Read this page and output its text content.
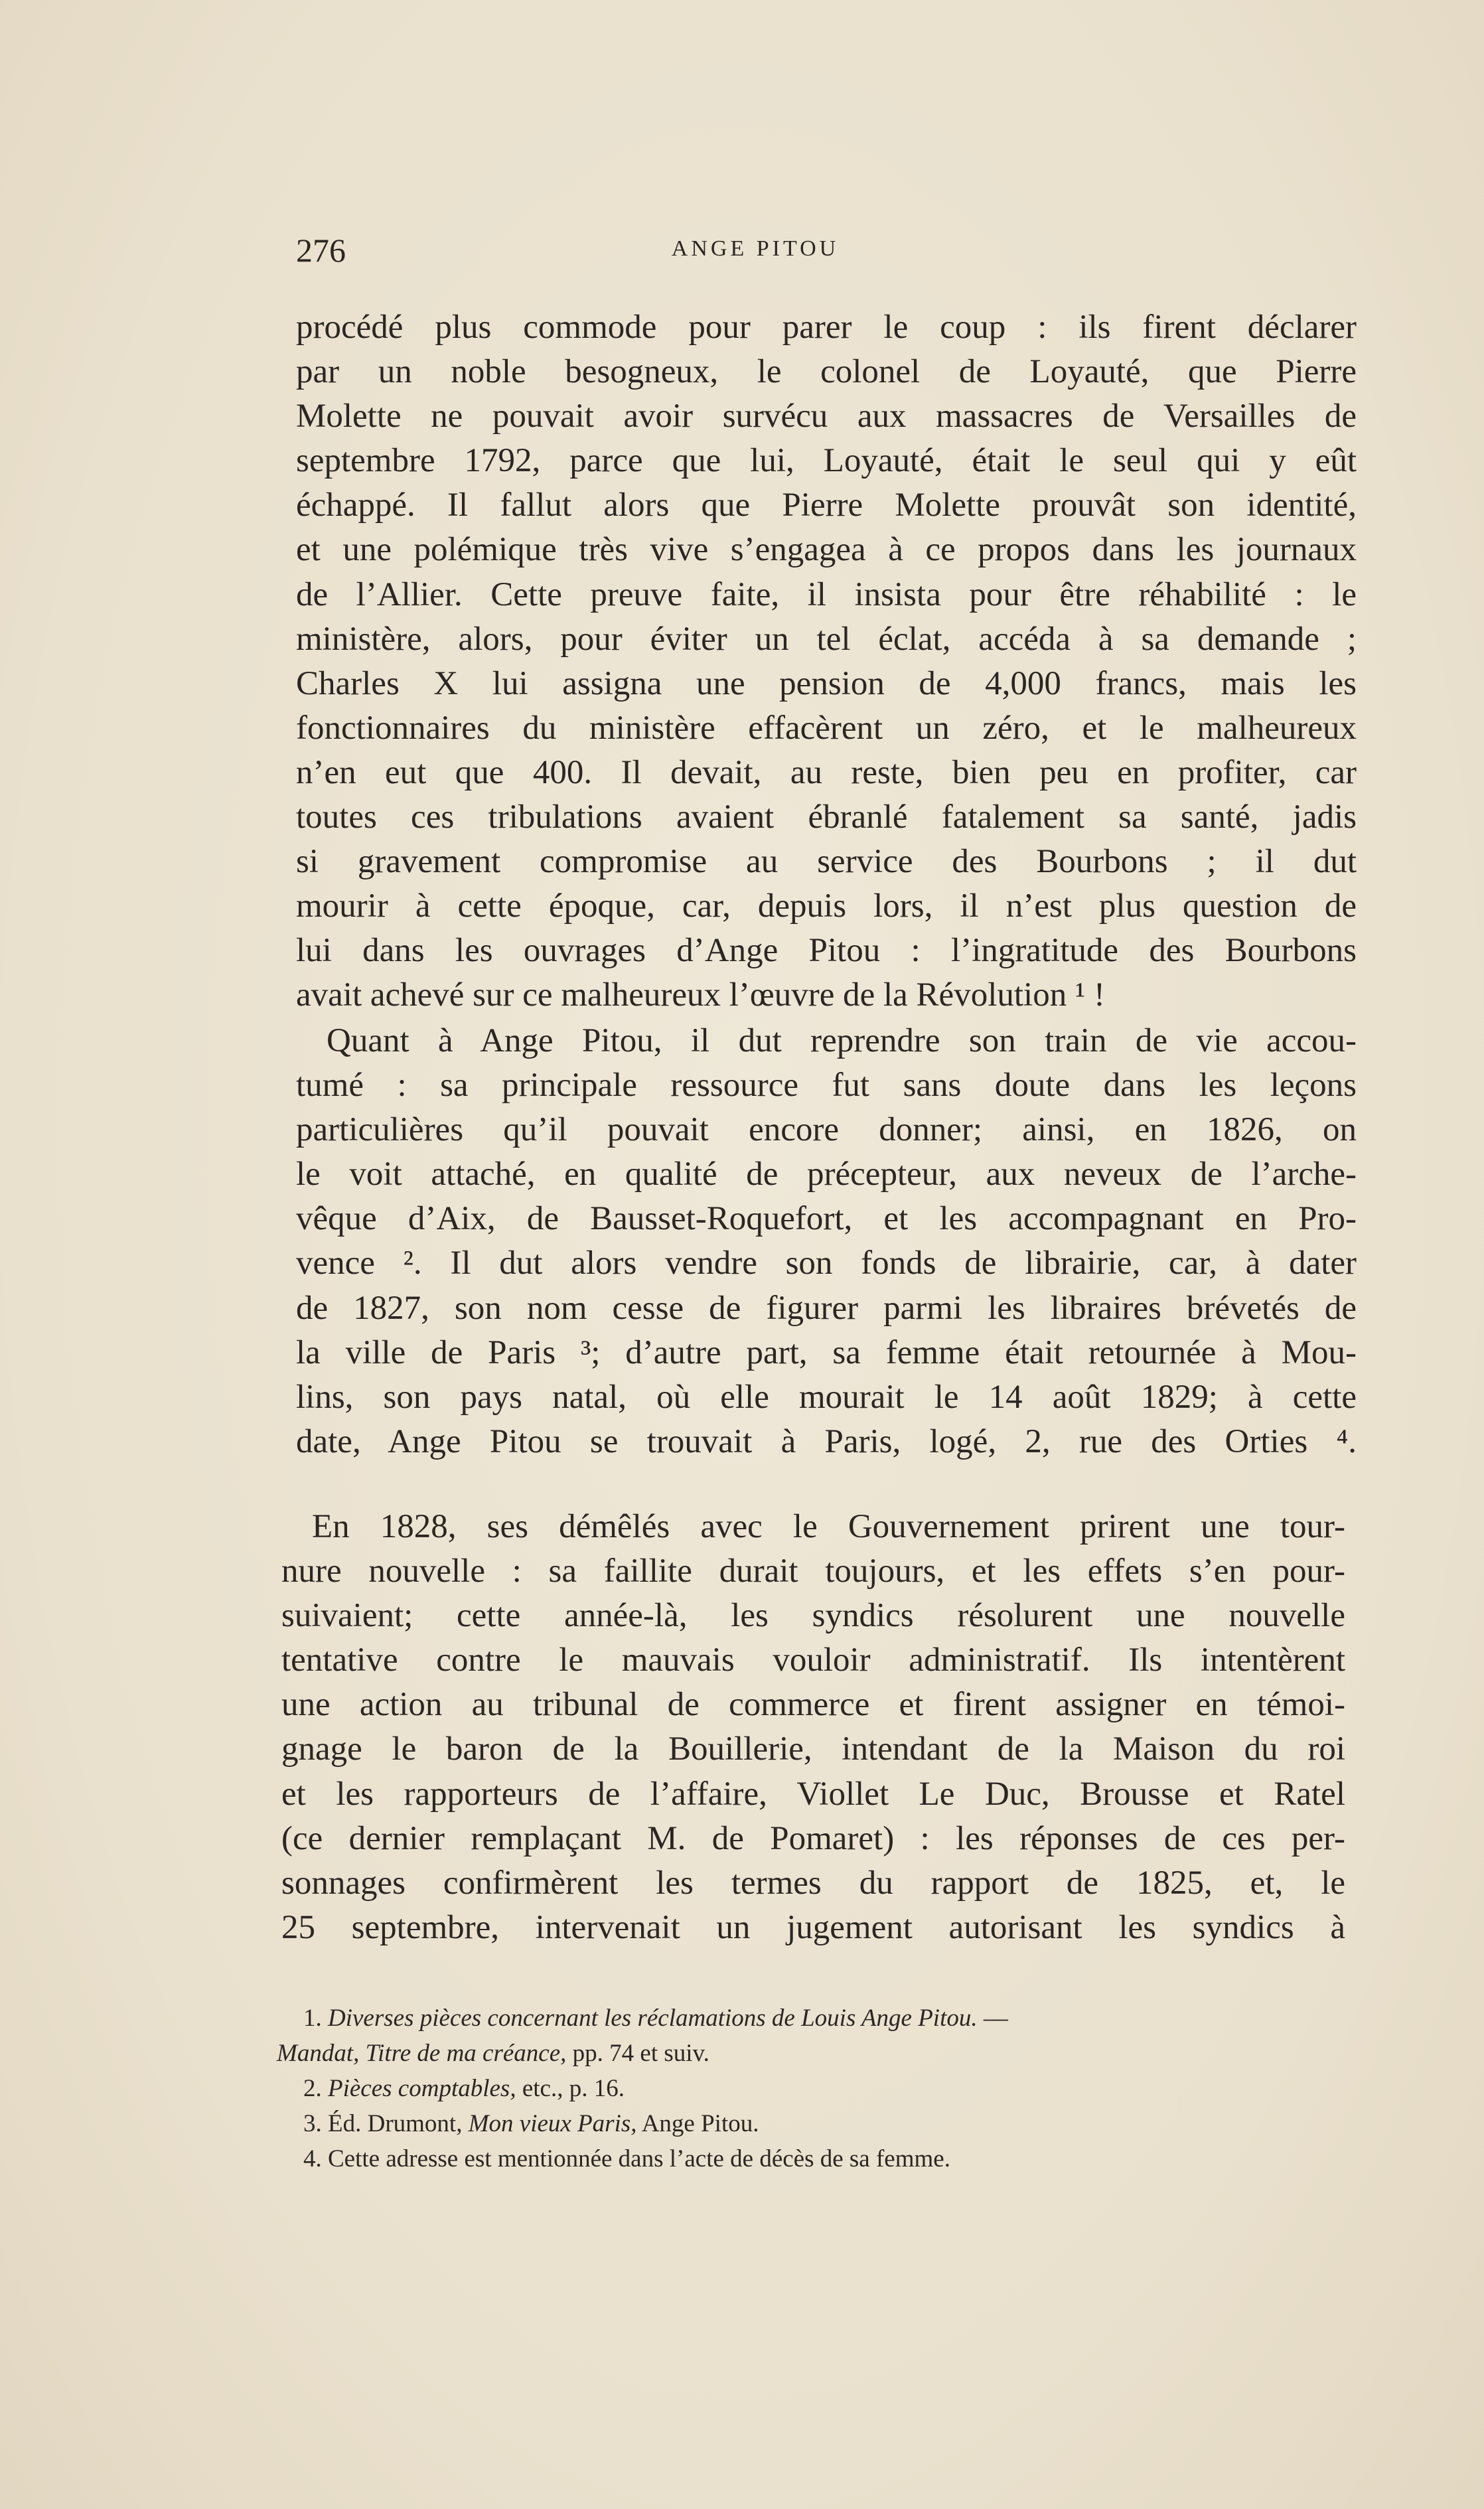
276	ANGE PITOU
procédé plus commode pour parer le coup : ils firent déclarer
par un noble besogneux, le colonel de Loyauté, que Pierre
Molette ne pouvait avoir survécu aux massacres de Versailles de
septembre 1792, parce que lui, Loyauté, était le seul qui y eût
échappé. Il fallut alors que Pierre Molette prouvât son identité,
et une polémique très vive s’engagea à ce propos dans les journaux
de l’Allier. Cette preuve faite, il insista pour être réhabilité : le
ministère, alors, pour éviter un tel éclat, accéda à sa demande ;
Charles X lui assigna une pension de 4,000 francs, mais les
fonctionnaires du ministère effacèrent un zéro, et le malheureux
n’en eut que 400. Il devait, au reste, bien peu en profiter, car
toutes ces tribulations avaient ébranlé fatalement sa santé, jadis
si gravement compromise au service des Bourbons ; il dut
mourir à cette époque, car, depuis lors, il n’est plus question de
lui dans les ouvrages d’Ange Pitou : l’ingratitude des Bourbons
avait achevé sur ce malheureux l’œuvre de la Révolution ¹ !
Quant à Ange Pitou, il dut reprendre son train de vie accou-
tumé : sa principale ressource fut sans doute dans les leçons
particulières qu’il pouvait encore donner; ainsi, en 1826, on
le voit attaché, en qualité de précepteur, aux neveux de l’arche-
vêque d’Aix, de Bausset-Roquefort, et les accompagnant en Pro-
vence ². Il dut alors vendre son fonds de librairie, car, à dater
de 1827, son nom cesse de figurer parmi les libraires brévetés de
la ville de Paris ³; d’autre part, sa femme était retournée à Mou-
lins, son pays natal, où elle mourait le 14 août 1829; à cette
date, Ange Pitou se trouvait à Paris, logé, 2, rue des Orties ⁴.
En 1828, ses démêlés avec le Gouvernement prirent une tour-
nure nouvelle : sa faillite durait toujours, et les effets s’en pour-
suivaient; cette année-là, les syndics résolurent une nouvelle
tentative contre le mauvais vouloir administratif. Ils intentèrent
une action au tribunal de commerce et firent assigner en témoi-
gnage le baron de la Bouillerie, intendant de la Maison du roi
et les rapporteurs de l’affaire, Viollet Le Duc, Brousse et Ratel
(ce dernier remplaçant M. de Pomaret) : les réponses de ces per-
sonnages confirmèrent les termes du rapport de 1825, et, le
25 septembre, intervenait un jugement autorisant les syndics à
1. Diverses pièces concernant les réclamations de Louis Ange Pitou. —
Mandat, Titre de ma créance, pp. 74 et suiv.
2. Pièces comptables, etc., p. 16.
3. Éd. Drumont, Mon vieux Paris, Ange Pitou.
4. Cette adresse est mentionnée dans l’acte de décès de sa femme.
